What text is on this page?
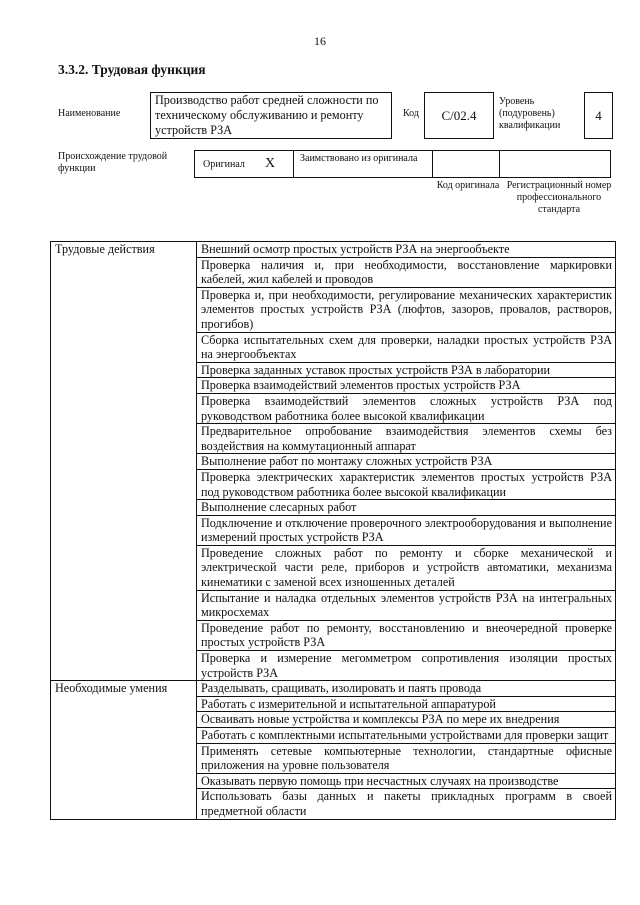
16
3.3.2. Трудовая функция
Наименование
Производство работ средней сложности по техническому обслуживанию и ремонту устройств РЗА
Код	C/02.4
Уровень (подуровень) квалификации
4
Происхождение трудовой функции	Оригинал X	Заимствовано из оригинала
Код оригинала Регистрационный номер профессионального стандарта
Трудовые действия	Внешний осмотр простых устройств РЗА на энергообъекте
	Проверка наличия и, при необходимости, восстановление маркировки кабелей, жил кабелей и проводов
	Проверка и, при необходимости, регулирование механических характеристик элементов простых устройств РЗА (люфтов, зазоров, провалов, растворов, прогибов)
	Сборка испытательных схем для проверки, наладки простых устройств РЗА на энергообъектах
	Проверка заданных уставок простых устройств РЗА в лаборатории
	Проверка взаимодействий элементов простых устройств РЗА
	Проверка взаимодействий элементов сложных устройств РЗА под руководством работника более высокой квалификации
	Предварительное опробование взаимодействия элементов схемы без воздействия на коммутационный аппарат
	Выполнение работ по монтажу сложных устройств РЗА
	Проверка электрических характеристик элементов простых устройств РЗА под руководством работника более высокой квалификации
	Выполнение слесарных работ
	Подключение и отключение проверочного электрооборудования и выполнение измерений простых устройств РЗА
	Проведение сложных работ по ремонту и сборке механической и электрической части реле, приборов и устройств автоматики, механизма кинематики с заменой всех изношенных деталей
	Испытание и наладка отдельных элементов устройств РЗА на интегральных микросхемах
	Проведение работ по ремонту, восстановлению и внеочередной проверке простых устройств РЗА
	Проверка и измерение мегомметром сопротивления изоляции простых устройств РЗА
Необходимые умения	Разделывать, сращивать, изолировать и паять провода
	Работать с измерительной и испытательной аппаратурой
	Осваивать новые устройства и комплексы РЗА по мере их внедрения
	Работать с комплектными испытательными устройствами для проверки защит
	Применять сетевые компьютерные технологии, стандартные офисные приложения на уровне пользователя
	Оказывать первую помощь при несчастных случаях на производстве
	Использовать базы данных и пакеты прикладных программ в своей предметной области
